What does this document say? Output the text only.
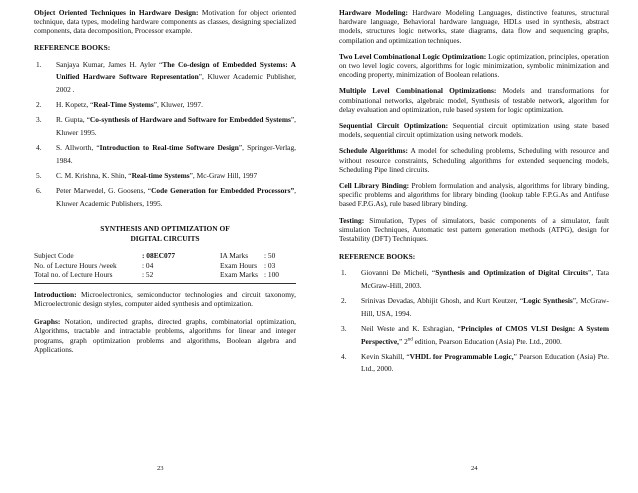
Object Oriented Techniques in Hardware Design: Motivation for object oriented technique, data types, modeling hardware components as classes, designing specialized components, data decomposition, Processor example.

REFERENCE BOOKS:

1. Sanjaya Kumar, James H. Ayler “The Co-design of Embedded Systems: A Unified Hardware Software Representation”, Kluwer Academic Publisher, 2002 .
2. H. Kopetz, “Real-Time Systems”, Kluwer, 1997.
3. R. Gupta, “Co-synthesis of Hardware and Software for Embedded Systems”, Kluwer 1995.
4. S. Allworth, “Introduction to Real-time Software Design”, Springer-Verlag, 1984.
5. C. M. Krishna, K. Shin, “Real-time Systems”, Mc-Graw Hill, 1997
6. Peter Marwedel, G. Goosens, “Code Generation for Embedded Processors”, Kluwer Academic Publishers, 1995.
SYNTHESIS AND OPTIMIZATION OF
DIGITAL CIRCUITS
Subject Code	: 08EC077	IA Marks	: 50
No. of Lecture Hours /week	: 04	Exam Hours	: 03
Total no. of Lecture Hours	: 52	Exam Marks	: 100

Introduction: Microelectronics, semiconductor technologies and circuit taxonomy, Microelectronic design styles, computer aided synthesis and optimization.

Graphs: Notation, undirected graphs, directed graphs, combinatorial optimization, Algorithms, tractable and intractable problems, algorithms for linear and integer programs, graph optimization problems and algorithms, Boolean algebra and Applications.

23

Hardware Modeling: Hardware Modeling Languages, distinctive features, structural hardware language, Behavioral hardware language, HDLs used in synthesis, abstract models, structures logic networks, state diagrams, data flow and sequencing graphs, compilation and optimization techniques.

Two Level Combinational Logic Optimization: Logic optimization, principles, operation on two level logic covers, algorithms for logic minimization, symbolic minimization and encoding property, minimization of Boolean relations.

Multiple Level Combinational Optimizations: Models and transformations for combinational networks, algebraic model, Synthesis of testable network, algorithm for delay evaluation and optimization, rule based system for logic optimization.

Sequential Circuit Optimization: Sequential circuit optimization using state based models, sequential circuit optimization using network models.

Schedule Algorithms: A model for scheduling problems, Scheduling with resource and without resource constraints, Scheduling algorithms for extended sequencing models, Scheduling Pipe lined circuits.

Cell Library Binding: Problem formulation and analysis, algorithms for library binding, specific problems and algorithms for library binding (lookup table F.P.G.As and Antifuse based F.P.G.As), rule based library binding.

Testing: Simulation, Types of simulators, basic components of a simulator, fault simulation Techniques, Automatic test pattern generation methods (ATPG), design for Testability (DFT) Techniques.

REFERENCE BOOKS:

1. Giovanni De Micheli, “Synthesis and Optimization of Digital Circuits”, Tata McGraw-Hill, 2003.
2. Srinivas Devadas, Abhijit Ghosh, and Kurt Keutzer, “Logic Synthesis”, McGraw-Hill, USA, 1994.
3. Neil Weste and K. Eshragian, “Principles of CMOS VLSI Design: A System Perspective,” 2nd edition, Pearson Education (Asia) Pte. Ltd., 2000.
4. Kevin Skahill, “VHDL for Programmable Logic,” Pearson Education (Asia) Pte. Ltd., 2000.
24
